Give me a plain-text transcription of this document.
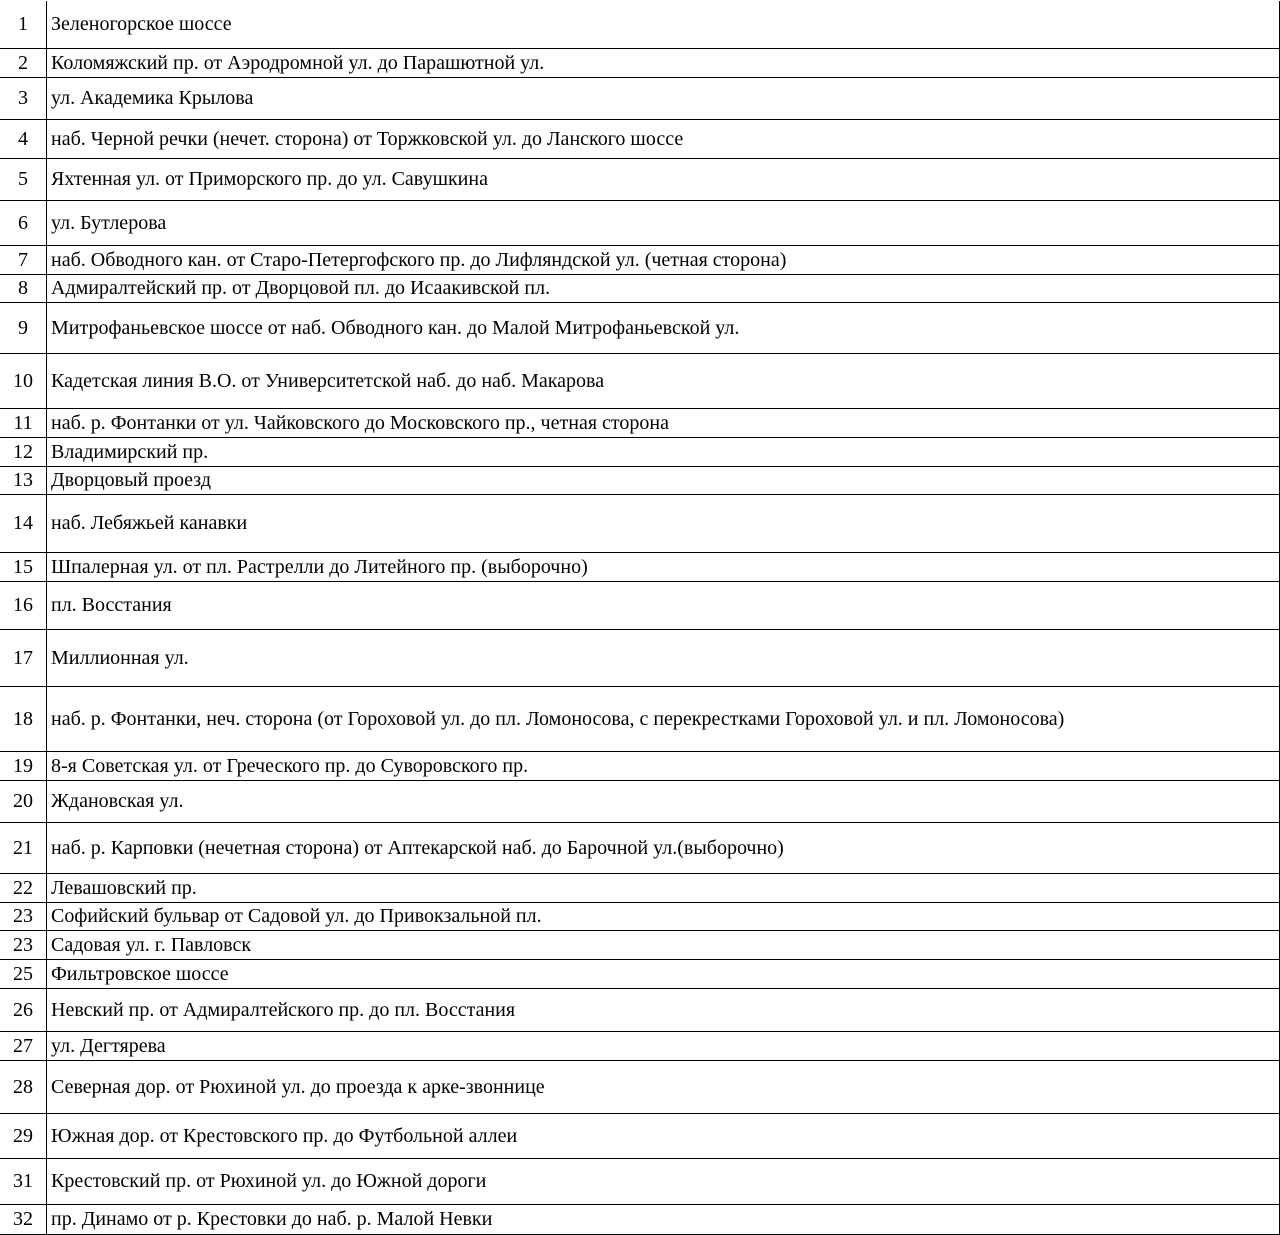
1	Зеленогорское шоссе
2	Коломяжский пр. от Аэродромной ул. до Парашютной ул.
3	ул. Академика Крылова
4	наб. Черной речки (нечет. сторона) от Торжковской ул. до Ланского шоссе
5	Яхтенная ул. от Приморского пр. до ул. Савушкина
6	ул. Бутлерова
7	наб. Обводного кан. от Старо-Петергофского пр. до Лифляндской ул. (четная сторона)
8	Адмиралтейский пр. от Дворцовой пл. до Исаакивской пл.
9	Митрофаньевское шоссе от наб. Обводного кан. до Малой Митрофаньевской ул.
10	Кадетская линия В.О. от Университетской наб. до наб. Макарова
11	наб. р. Фонтанки от ул. Чайковского до Московского пр., четная сторона
12	Владимирский пр.
13	Дворцовый проезд
14	наб. Лебяжьей канавки
15	Шпалерная ул. от пл. Растрелли до Литейного пр. (выборочно)
16	пл. Восстания
17	Миллионная ул.
18	наб. р. Фонтанки, неч. сторона (от Гороховой ул. до пл. Ломоносова, с перекрестками Гороховой ул. и пл. Ломоносова)
19	8-я Советская ул. от Греческого пр. до Суворовского пр.
20	Ждановская ул.
21	наб. р. Карповки (нечетная сторона) от Аптекарской наб. до Барочной ул.(выборочно)
22	Левашовский пр.
23	Софийский бульвар от Садовой ул. до Привокзальной пл.
23	Садовая ул. г. Павловск
25	Фильтровское шоссе
26	Невский пр. от Адмиралтейского пр. до пл. Восстания
27	ул. Дегтярева
28	Северная дор. от Рюхиной ул. до проезда к арке-звоннице
29	Южная дор. от Крестовского пр. до Футбольной аллеи
31	Крестовский пр. от Рюхиной ул. до Южной дороги
32	пр. Динамо от р. Крестовки до наб. р. Малой Невки
